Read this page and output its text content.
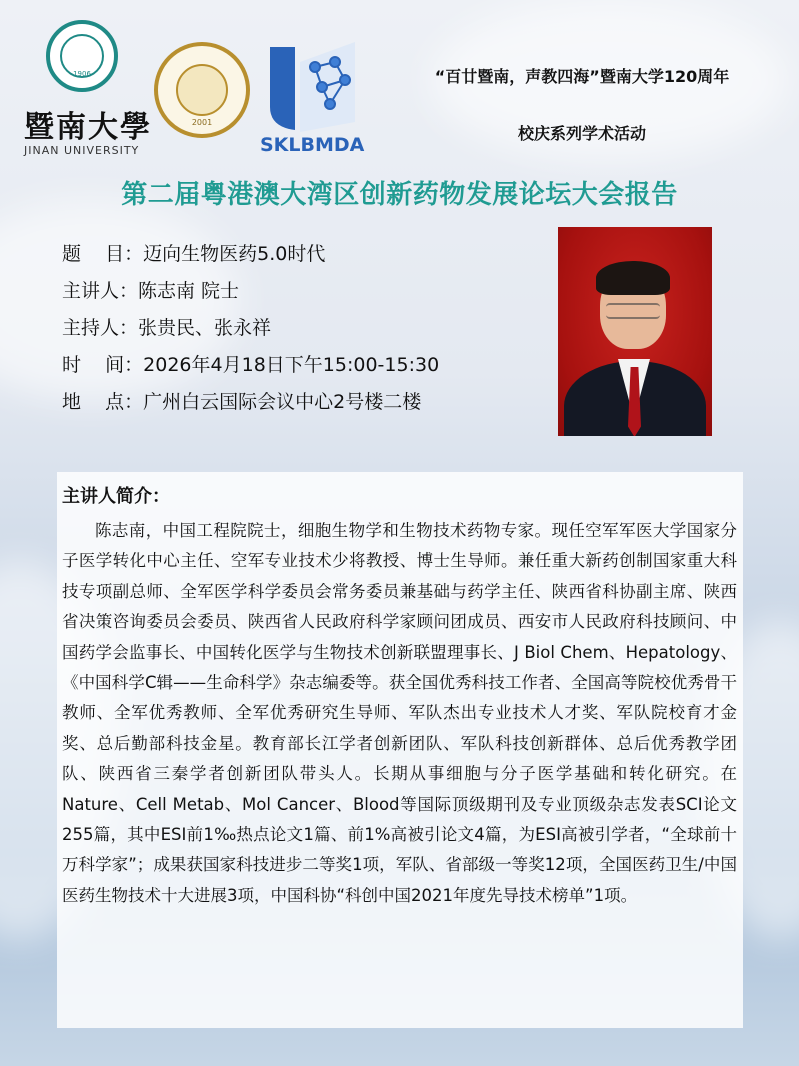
1906
暨南大學
JINAN UNIVERSITY
2001
SKLBMDA
“百廿暨南，声教四海”暨南大学120周年
校庆系列学术活动
第二届粤港澳大湾区创新药物发展论坛大会报告
题    目： 迈向生物医药5.0时代
主讲人： 陈志南 院士
主持人： 张贵民、张永祥
时    间： 2026年4月18日下午15:00-15:30
地    点： 广州白云国际会议中心2号楼二楼
主讲人简介：

陈志南，中国工程院院士，细胞生物学和生物技术药物专家。现任空军军医大学国家分子医学转化中心主任、空军专业技术少将教授、博士生导师。兼任重大新药创制国家重大科技专项副总师、全军医学科学委员会常务委员兼基础与药学主任、陕西省科协副主席、陕西省决策咨询委员会委员、陕西省人民政府科学家顾问团成员、西安市人民政府科技顾问、中国药学会监事长、中国转化医学与生物技术创新联盟理事长、J Biol Chem、Hepatology、《中国科学C辑——生命科学》杂志编委等。获全国优秀科技工作者、全国高等院校优秀骨干教师、全军优秀教师、全军优秀研究生导师、军队杰出专业技术人才奖、军队院校育才金奖、总后勤部科技金星。教育部长江学者创新团队、军队科技创新群体、总后优秀教学团队、陕西省三秦学者创新团队带头人。长期从事细胞与分子医学基础和转化研究。在Nature、Cell Metab、Mol Cancer、Blood等国际顶级期刊及专业顶级杂志发表SCI论文255篇，其中ESI前1‰热点论文1篇、前1%高被引论文4篇，为ESI高被引学者，“全球前十万科学家”；成果获国家科技进步二等奖1项，军队、省部级一等奖12项，全国医药卫生/中国医药生物技术十大进展3项，中国科协“科创中国2021年度先导技术榜单”1项。
